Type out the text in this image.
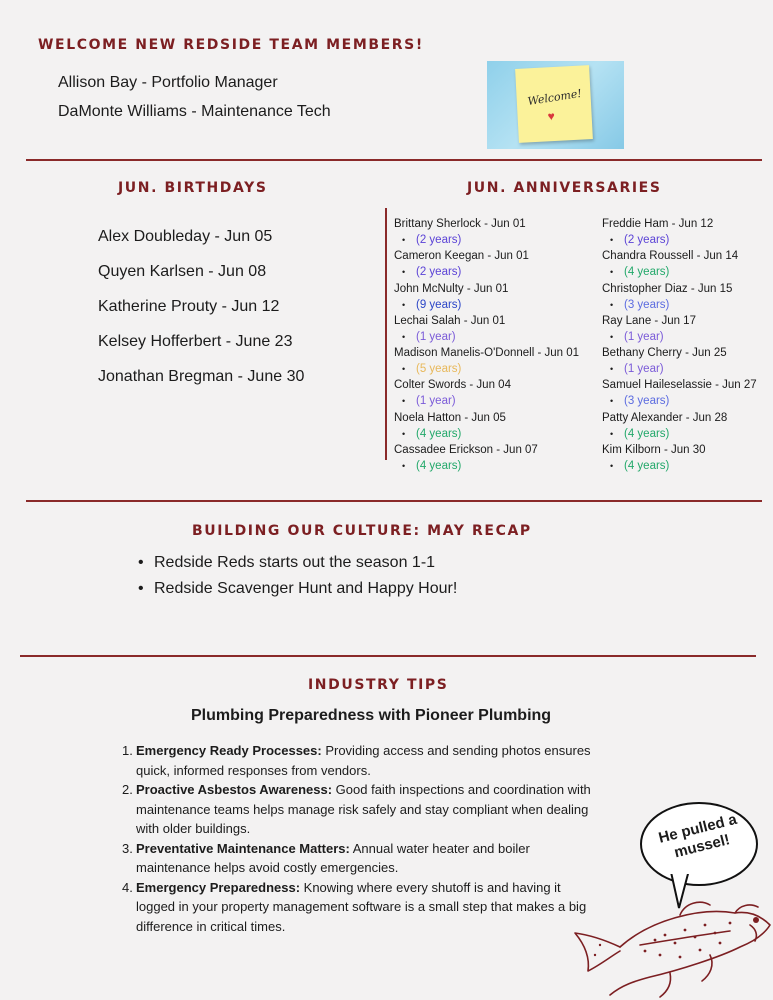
WELCOME NEW REDSIDE TEAM MEMBERS!
Allison Bay - Portfolio Manager
DaMonte Williams - Maintenance Tech
Welcome!
♥
JUN. BIRTHDAYS
Alex Doubleday - Jun 05
Quyen Karlsen - Jun 08
Katherine Prouty - Jun 12
Kelsey Hofferbert - June 23
Jonathan Bregman - June 30
JUN. ANNIVERSARIES
Brittany Sherlock - Jun 01
• (2 years)
Cameron Keegan - Jun 01
• (2 years)
John McNulty - Jun 01
• (9 years)
Lechai Salah - Jun 01
• (1 year)
Madison Manelis-O'Donnell - Jun 01
• (5 years)
Colter Swords - Jun 04
• (1 year)
Noela Hatton - Jun 05
• (4 years)
Cassadee Erickson - Jun 07
• (4 years)
Freddie Ham - Jun 12
• (2 years)
Chandra Roussell - Jun 14
• (4 years)
Christopher Diaz - Jun 15
• (3 years)
Ray Lane - Jun 17
• (1 year)
Bethany Cherry - Jun 25
• (1 year)
Samuel Haileselassie - Jun 27
• (3 years)
Patty Alexander - Jun 28
• (4 years)
Kim Kilborn - Jun 30
• (4 years)
BUILDING OUR CULTURE: MAY RECAP
• Redside Reds starts out the season 1-1
• Redside Scavenger Hunt and Happy Hour!
INDUSTRY TIPS
Plumbing Preparedness with Pioneer Plumbing
1. Emergency Ready Processes: Providing access and sending photos ensures quick, informed responses from vendors.
2. Proactive Asbestos Awareness: Good faith inspections and coordination with maintenance teams helps manage risk safely and stay compliant when dealing with older buildings.
3. Preventative Maintenance Matters: Annual water heater and boiler maintenance helps avoid costly emergencies.
4. Emergency Preparedness: Knowing where every shutoff is and having it logged in your property management software is a small step that makes a big difference in critical times.
He pulled a mussel!
